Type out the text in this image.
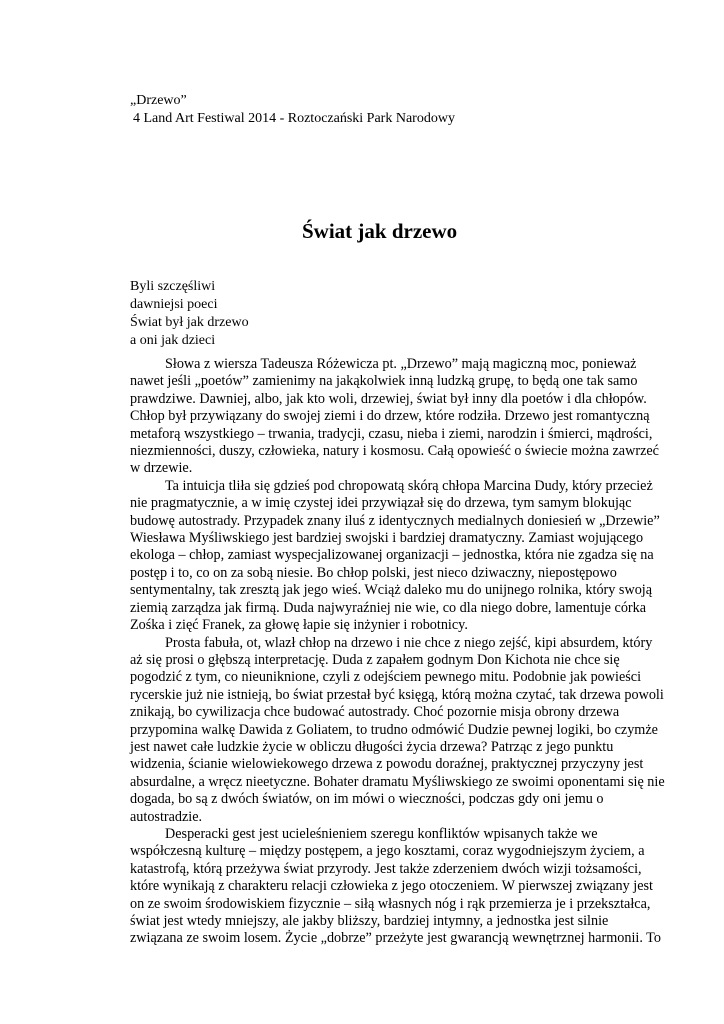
„Drzewo”
4 Land Art Festiwal 2014 - Roztoczański Park Narodowy
Świat jak drzewo
Byli szczęśliwi
dawniejsi poeci
Świat był jak drzewo
a oni jak dzieci

Słowa z wiersza Tadeusza Różewicza pt. „Drzewo” mają magiczną moc, ponieważ

nawet jeśli „poetów” zamienimy na jakąkolwiek inną ludzką grupę, to będą one tak samo

prawdziwe. Dawniej, albo, jak kto woli, drzewiej, świat był inny dla poetów i dla chłopów.

Chłop był przywiązany do swojej ziemi i do drzew, które rodziła. Drzewo jest romantyczną

metaforą wszystkiego – trwania, tradycji, czasu, nieba i ziemi, narodzin i śmierci, mądrości,

niezmienności, duszy, człowieka, natury i kosmosu. Całą opowieść o świecie można zawrzeć

w drzewie.

Ta intuicja tliła się gdzieś pod chropowatą skórą chłopa Marcina Dudy, który przecież

nie pragmatycznie, a w imię czystej idei przywiązał się do drzewa, tym samym blokując

budowę autostrady. Przypadek znany iluś z identycznych medialnych doniesień w „Drzewie”

Wiesława Myśliwskiego jest bardziej swojski i bardziej dramatyczny. Zamiast wojującego

ekologa – chłop, zamiast wyspecjalizowanej organizacji – jednostka, która nie zgadza się na

postęp i to, co on za sobą niesie. Bo chłop polski, jest nieco dziwaczny, niepostępowo

sentymentalny, tak zresztą jak jego wieś. Wciąż daleko mu do unijnego rolnika, który swoją

ziemią zarządza jak firmą. Duda najwyraźniej nie wie, co dla niego dobre, lamentuje córka

Zośka i zięć Franek, za głowę łapie się inżynier i robotnicy.

Prosta fabuła, ot, wlazł chłop na drzewo i nie chce z niego zejść, kipi absurdem, który

aż się prosi o głębszą interpretację. Duda z zapałem godnym Don Kichota nie chce się

pogodzić z tym, co nieuniknione, czyli z odejściem pewnego mitu. Podobnie jak powieści

rycerskie już nie istnieją, bo świat przestał być księgą, którą można czytać, tak drzewa powoli

znikają, bo cywilizacja chce budować autostrady. Choć pozornie misja obrony drzewa

przypomina walkę Dawida z Goliatem, to trudno odmówić Dudzie pewnej logiki, bo czymże

jest nawet całe ludzkie życie w obliczu długości życia drzewa? Patrząc z jego punktu

widzenia, ścianie wielowiekowego drzewa z powodu doraźnej, praktycznej przyczyny jest

absurdalne, a wręcz nieetyczne. Bohater dramatu Myśliwskiego ze swoimi oponentami się nie

dogada, bo są z dwóch światów, on im mówi o wieczności, podczas gdy oni jemu o

autostradzie.

Desperacki gest jest ucieleśnieniem szeregu konfliktów wpisanych także we

współczesną kulturę – między postępem, a jego kosztami, coraz wygodniejszym życiem, a

katastrofą, którą przeżywa świat przyrody. Jest także zderzeniem dwóch wizji tożsamości,

które wynikają z charakteru relacji człowieka z jego otoczeniem. W pierwszej związany jest

on ze swoim środowiskiem fizycznie – siłą własnych nóg i rąk przemierza je i przekształca,

świat jest wtedy mniejszy, ale jakby bliższy, bardziej intymny, a jednostka jest silnie

związana ze swoim losem. Życie „dobrze” przeżyte jest gwarancją wewnętrznej harmonii. To
